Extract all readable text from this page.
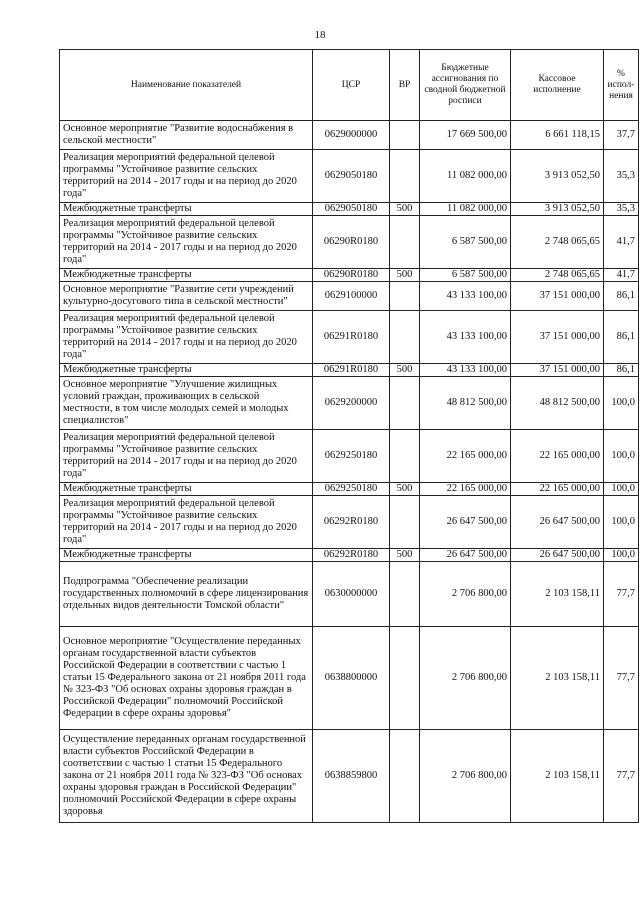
18
Наименование показателей	ЦСР	ВР	Бюджетные ассигнования по сводной бюджетной росписи	Кассовое исполнение	% испол-нения
Основное мероприятие "Развитие водоснабжения в сельской местности"	0629000000		17 669 500,00	6 661 118,15	37,7
Реализация мероприятий федеральной целевой программы "Устойчивое развитие сельских территорий на 2014 - 2017 годы и на период до 2020 года"	0629050180		11 082 000,00	3 913 052,50	35,3
Межбюджетные трансферты	0629050180	500	11 082 000,00	3 913 052,50	35,3
Реализация мероприятий федеральной целевой программы "Устойчивое развитие сельских территорий на 2014 - 2017 годы и на период до 2020 года"	06290R0180		6 587 500,00	2 748 065,65	41,7
Межбюджетные трансферты	06290R0180	500	6 587 500,00	2 748 065,65	41,7
Основное мероприятие "Развитие сети учреждений культурно-досугового типа в сельской местности"	0629100000		43 133 100,00	37 151 000,00	86,1
Реализация мероприятий федеральной целевой программы "Устойчивое развитие сельских территорий на 2014 - 2017 годы и на период до 2020 года"	06291R0180		43 133 100,00	37 151 000,00	86,1
Межбюджетные трансферты	06291R0180	500	43 133 100,00	37 151 000,00	86,1
Основное мероприятие "Улучшение жилищных условий граждан, проживающих в сельской местности, в том числе молодых семей и молодых специалистов"	0629200000		48 812 500,00	48 812 500,00	100,0
Реализация мероприятий федеральной целевой программы "Устойчивое развитие сельских территорий на 2014 - 2017 годы и на период до 2020 года"	0629250180		22 165 000,00	22 165 000,00	100,0
Межбюджетные трансферты	0629250180	500	22 165 000,00	22 165 000,00	100,0
Реализация мероприятий федеральной целевой программы "Устойчивое развитие сельских территорий на 2014 - 2017 годы и на период до 2020 года"	06292R0180		26 647 500,00	26 647 500,00	100,0
Межбюджетные трансферты	06292R0180	500	26 647 500,00	26 647 500,00	100,0
Подпрограмма "Обеспечение реализации государственных полномочий в сфере лицензирования отдельных видов деятельности Томской области"	0630000000		2 706 800,00	2 103 158,11	77,7
Основное мероприятие "Осуществление переданных органам государственной власти субъектов Российской Федерации в соответствии с частью 1 статьи 15 Федерального закона от 21 ноября 2011 года № 323-ФЗ "Об основах охраны здоровья граждан в Российской Федерации" полномочий Российской Федерации в сфере охраны здоровья"	0638800000		2 706 800,00	2 103 158,11	77,7
Осуществление переданных органам государственной власти субъектов Российской Федерации в соответствии с частью 1 статьи 15 Федерального закона от 21 ноября 2011 года № 323-ФЗ "Об основах охраны здоровья граждан в Российской Федерации" полномочий Российской Федерации в сфере охраны здоровья	0638859800		2 706 800,00	2 103 158,11	77,7
